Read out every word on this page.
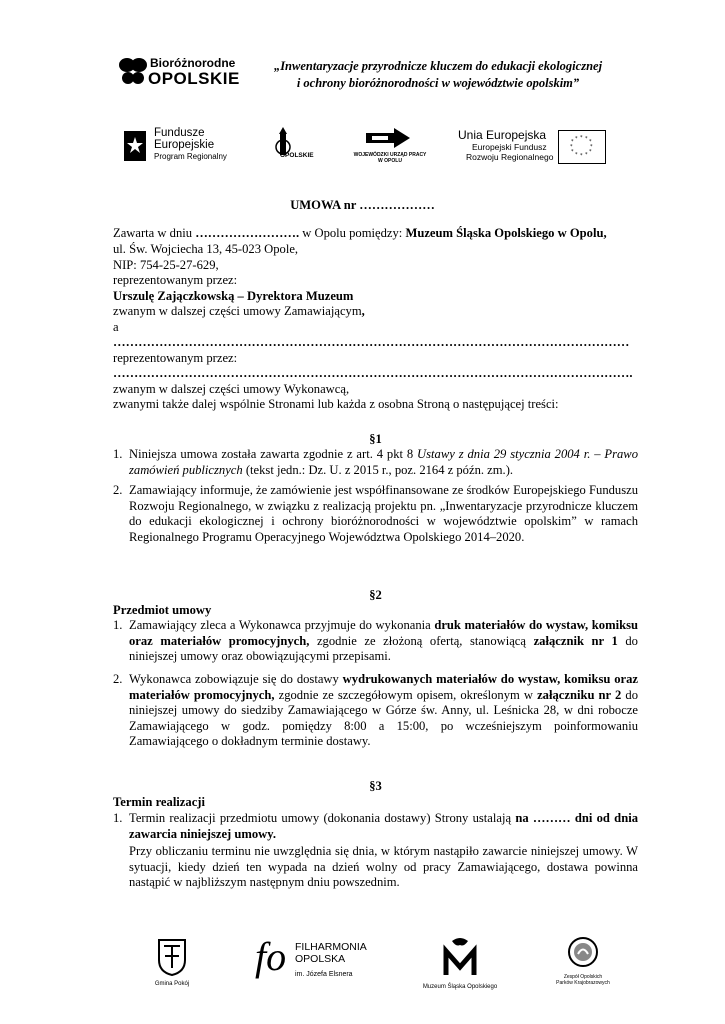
Bioróżnorodne
OPOLSKIE
„Inwentaryzacje przyrodnicze kluczem do edukacji ekologicznej
i ochrony bioróżnorodności w województwie opolskim”
Fundusze
Europejskie
Program Regionalny	OPOLSKIE	WOJEWÓDZKI URZĄD PRACY
W OPOLU
Unia Europejska
Europejski Fundusz
Rozwoju Regionalnego
* * *
*
*
*
*
*
*
*
* *
UMOWA nr ………………
Zawarta w dniu ……………………. w Opolu pomiędzy: Muzeum Śląska Opolskiego w Opolu,
ul. Św. Wojciecha 13, 45-023 Opole,
NIP: 754-25-27-629,
reprezentowanym przez:
Urszulę Zajączkowską – Dyrektora Muzeum
zwanym w dalszej części umowy Zamawiającym,
a
……………………………………………………………………………………………………………
reprezentowanym przez:
…………………………………………………………………………………………………………….
zwanym w dalszej części umowy Wykonawcą,
zwanymi także dalej wspólnie Stronami lub każda z osobna Stroną o następującej treści:
§1
1. Niniejsza umowa została zawarta zgodnie z art. 4 pkt 8 Ustawy z dnia 29 stycznia 2004 r. – Prawo zamówień publicznych (tekst jedn.: Dz. U. z 2015 r., poz. 2164 z późn. zm.).
2. Zamawiający informuje, że zamówienie jest współfinansowane ze środków Europejskiego Funduszu Rozwoju Regionalnego, w związku z realizacją projektu pn. „Inwentaryzacje przyrodnicze kluczem do edukacji ekologicznej i ochrony bioróżnorodności w województwie opolskim” w ramach Regionalnego Programu Operacyjnego Województwa Opolskiego 2014–2020.
§2
Przedmiot umowy
1. Zamawiający zleca a Wykonawca przyjmuje do wykonania druk materiałów do wystaw, komiksu oraz materiałów promocyjnych, zgodnie ze złożoną ofertą, stanowiącą załącznik nr 1 do niniejszej umowy oraz obowiązującymi przepisami.
2. Wykonawca zobowiązuje się do dostawy wydrukowanych materiałów do wystaw, komiksu oraz materiałów promocyjnych, zgodnie ze szczegółowym opisem, określonym w załączniku nr 2 do niniejszej umowy do siedziby Zamawiającego w Górze św. Anny, ul. Leśnicka 28, w dni robocze Zamawiającego w godz. pomiędzy 8:00 a 15:00, po wcześniejszym poinformowaniu Zamawiającego o dokładnym terminie dostawy.
§3
Termin realizacji
1. Termin realizacji przedmiotu umowy (dokonania dostawy) Strony ustalają na ……… dni od dnia zawarcia niniejszej umowy.
Przy obliczaniu terminu nie uwzględnia się dnia, w którym nastąpiło zawarcie niniejszej umowy. W sytuacji, kiedy dzień ten wypada na dzień wolny od pracy Zamawiającego, dostawa powinna nastąpić w najbliższym następnym dniu powszednim.
Gmina Pokój
fo FILHARMONIA
OPOLSKA
im. Józefa Elsnera
Muzeum Śląska Opolskiego
Zespół Opolskich
Parków Krajobrazowych
